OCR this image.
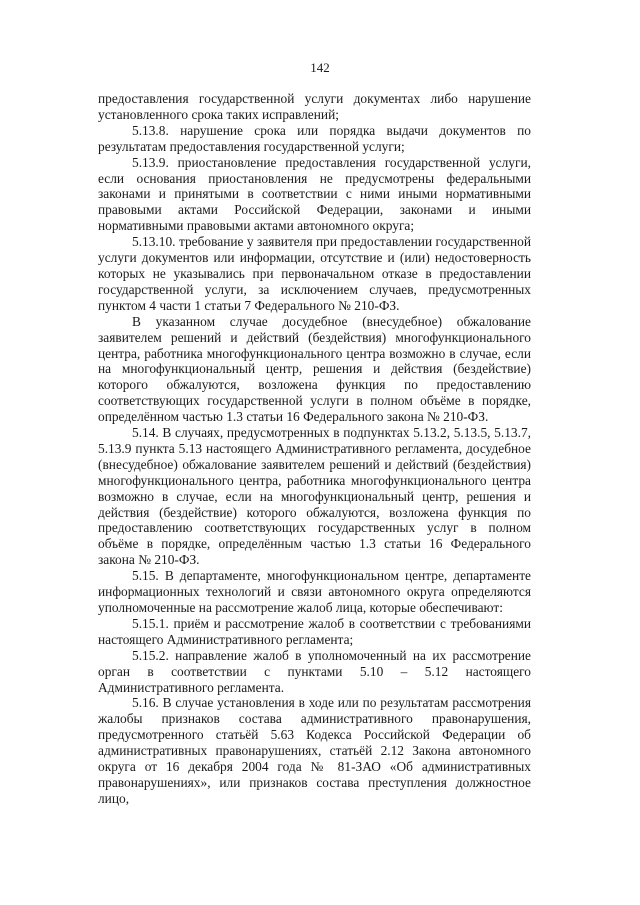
142

предоставления государственной услуги документах либо нарушение установленного срока таких исправлений;

5.13.8. нарушение срока или порядка выдачи документов по результатам предоставления государственной услуги;

5.13.9. приостановление предоставления государственной услуги, если основания приостановления не предусмотрены федеральными законами и принятыми в соответствии с ними иными нормативными правовыми актами Российской Федерации, законами и иными нормативными правовыми актами автономного округа;

5.13.10. требование у заявителя при предоставлении государственной услуги документов или информации, отсутствие и (или) недостоверность которых не указывались при первоначальном отказе в предоставлении государственной услуги, за исключением случаев, предусмотренных пунктом 4 части 1 статьи 7 Федерального № 210-ФЗ.

В указанном случае досудебное (внесудебное) обжалование заявителем решений и действий (бездействия) многофункционального центра, работника многофункционального центра возможно в случае, если на многофункциональный центр, решения и действия (бездействие) которого обжалуются, возложена функция по предоставлению соответствующих государственной услуги в полном объёме в порядке, определённом частью 1.3 статьи 16 Федерального закона № 210-ФЗ.

5.14. В случаях, предусмотренных в подпунктах 5.13.2, 5.13.5, 5.13.7, 5.13.9 пункта 5.13 настоящего Административного регламента, досудебное (внесудебное) обжалование заявителем решений и действий (бездействия) многофункционального центра, работника многофункционального центра возможно в случае, если на многофункциональный центр, решения и действия (бездействие) которого обжалуются, возложена функция по предоставлению соответствующих государственных услуг в полном объёме в порядке, определённым частью 1.3 статьи 16 Федерального закона № 210-ФЗ.

5.15. В департаменте, многофункциональном центре, департаменте информационных технологий и связи автономного округа определяются уполномоченные на рассмотрение жалоб лица, которые обеспечивают:

5.15.1. приём и рассмотрение жалоб в соответствии с требованиями настоящего Административного регламента;

5.15.2. направление жалоб в уполномоченный на их рассмотрение орган в соответствии с пунктами 5.10 – 5.12 настоящего Административного регламента.

5.16. В случае установления в ходе или по результатам рассмотрения жалобы признаков состава административного правонарушения, предусмотренного статьёй 5.63 Кодекса Российской Федерации об административных правонарушениях, статьёй 2.12 Закона автономного округа от 16 декабря 2004 года № 81-ЗАО «Об административных правонарушениях», или признаков состава преступления должностное лицо,
